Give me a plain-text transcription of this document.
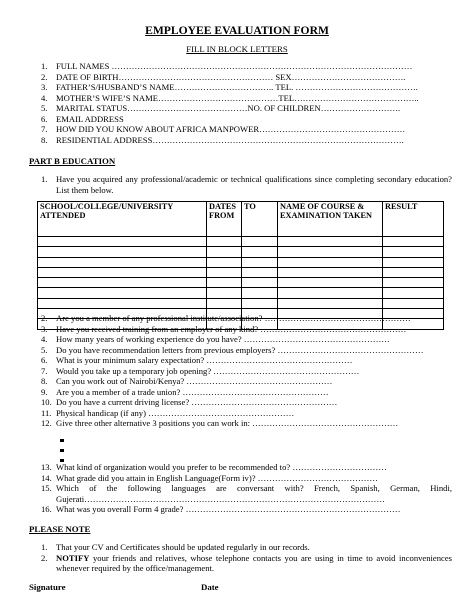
EMPLOYEE EVALUATION FORM
FILL IN BLOCK LETTERS
1. FULL NAMES ……………………………………………………………………………………………
2. DATE OF BIRTH……………………………………………… SEX………………………………….
3. FATHER’S/HUSBAND’S NAME…………………………….. TEL. …………………………………….
4. MOTHER’S WIFE’S NAME……………………………………TEL……………………………………..
5. MARITAL STATUS……………………………………NO. OF CHILDREN……………………….
6. EMAIL ADDRESS
7. HOW DID YOU KNOW ABOUT AFRICA MANPOWER……………………………………………
8. RESIDENTIAL ADDRESS…………………………………………………………………………….
PART B EDUCATION
1. Have you acquired any professional/academic or technical qualifications since completing secondary education? List them below.
SCHOOL/COLLEGE/UNIVERSITY ATTENDED	DATES FROM	TO	NAME OF COURSE & EXAMINATION TAKEN	RESULT

2. Are you a member of any professional institute/association? ……………………………………………
3. Have you received training from an employer of any kind? ……………………………………………
4. How many years of working experience do you have? ……………………………………………
5. Do you have recommendation letters from previous employers? ……………………………………………
6. What is your minimum salary expectation? ……………………………………………
7. Would you take up a temporary job opening? ……………………………………………
8. Can you work out of Nairobi/Kenya? ……………………………………………
9. Are you a member of a trade union? ……………………………………………
10. Do you have a current driving license? ……………………………………………
11. Physical handicap (if any) ……………………………………………
12. Give three other alternative 3 positions you can work in: ……………………………………………
13. What kind of organization would you prefer to be recommended to? ……………………………
14. What grade did you attain in English Language(Form iv)? ……………………………………
15. Which of the following languages are conversant with? French, Spanish, German, Hindi, Gujerati……………………………………………………………………………………………
16. What was you overall Form 4 grade? …………………………………………………………………
PLEASE NOTE
1. That your CV and Certificates should be updated regularly in our records.
2. NOTIFY your friends and relatives, whose telephone contacts you are using in time to avoid inconveniences whenever required by the office/management.
Signature	Date
